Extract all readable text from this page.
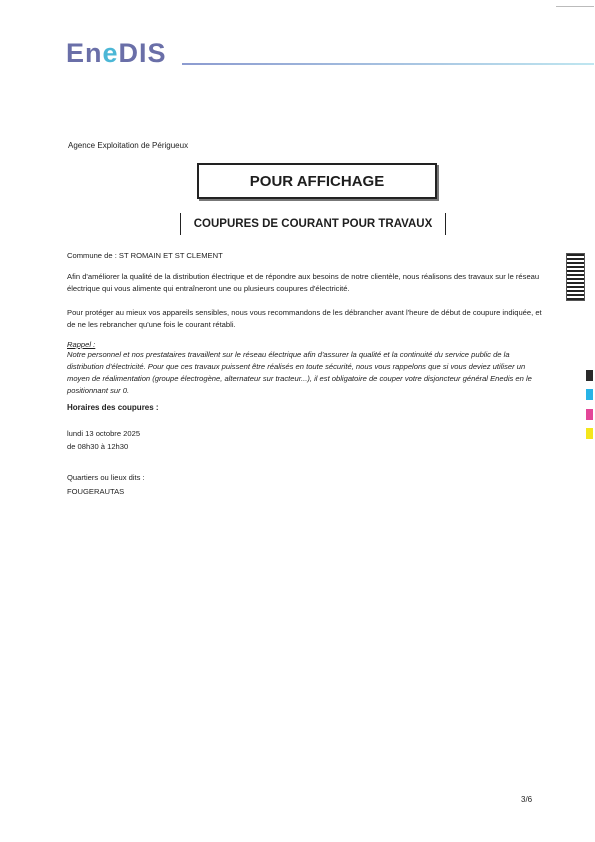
EneDIS
Agence Exploitation de Périgueux
POUR AFFICHAGE
COUPURES DE COURANT POUR TRAVAUX
Commune de : ST ROMAIN ET ST CLEMENT
Afin d'améliorer la qualité de la distribution électrique et de répondre aux besoins de notre clientèle, nous réalisons des travaux sur le réseau électrique qui vous alimente qui entraîneront une ou plusieurs coupures d'électricité.
Pour protéger au mieux vos appareils sensibles, nous vous recommandons de les débrancher avant l'heure de début de coupure indiquée, et de ne les rebrancher qu'une fois le courant rétabli.
Rappel :
Notre personnel et nos prestataires travaillent sur le réseau électrique afin d'assurer la qualité et la continuité du service public de la distribution d'électricité. Pour que ces travaux puissent être réalisés en toute sécurité, nous vous rappelons que si vous deviez utiliser un moyen de réalimentation (groupe électrogène, alternateur sur tracteur...), il est obligatoire de couper votre disjoncteur général Enedis en le positionnant sur 0.
Horaires des coupures :
lundi 13 octobre 2025
de 08h30 à 12h30
Quartiers ou lieux dits :
FOUGERAUTAS
3/6
